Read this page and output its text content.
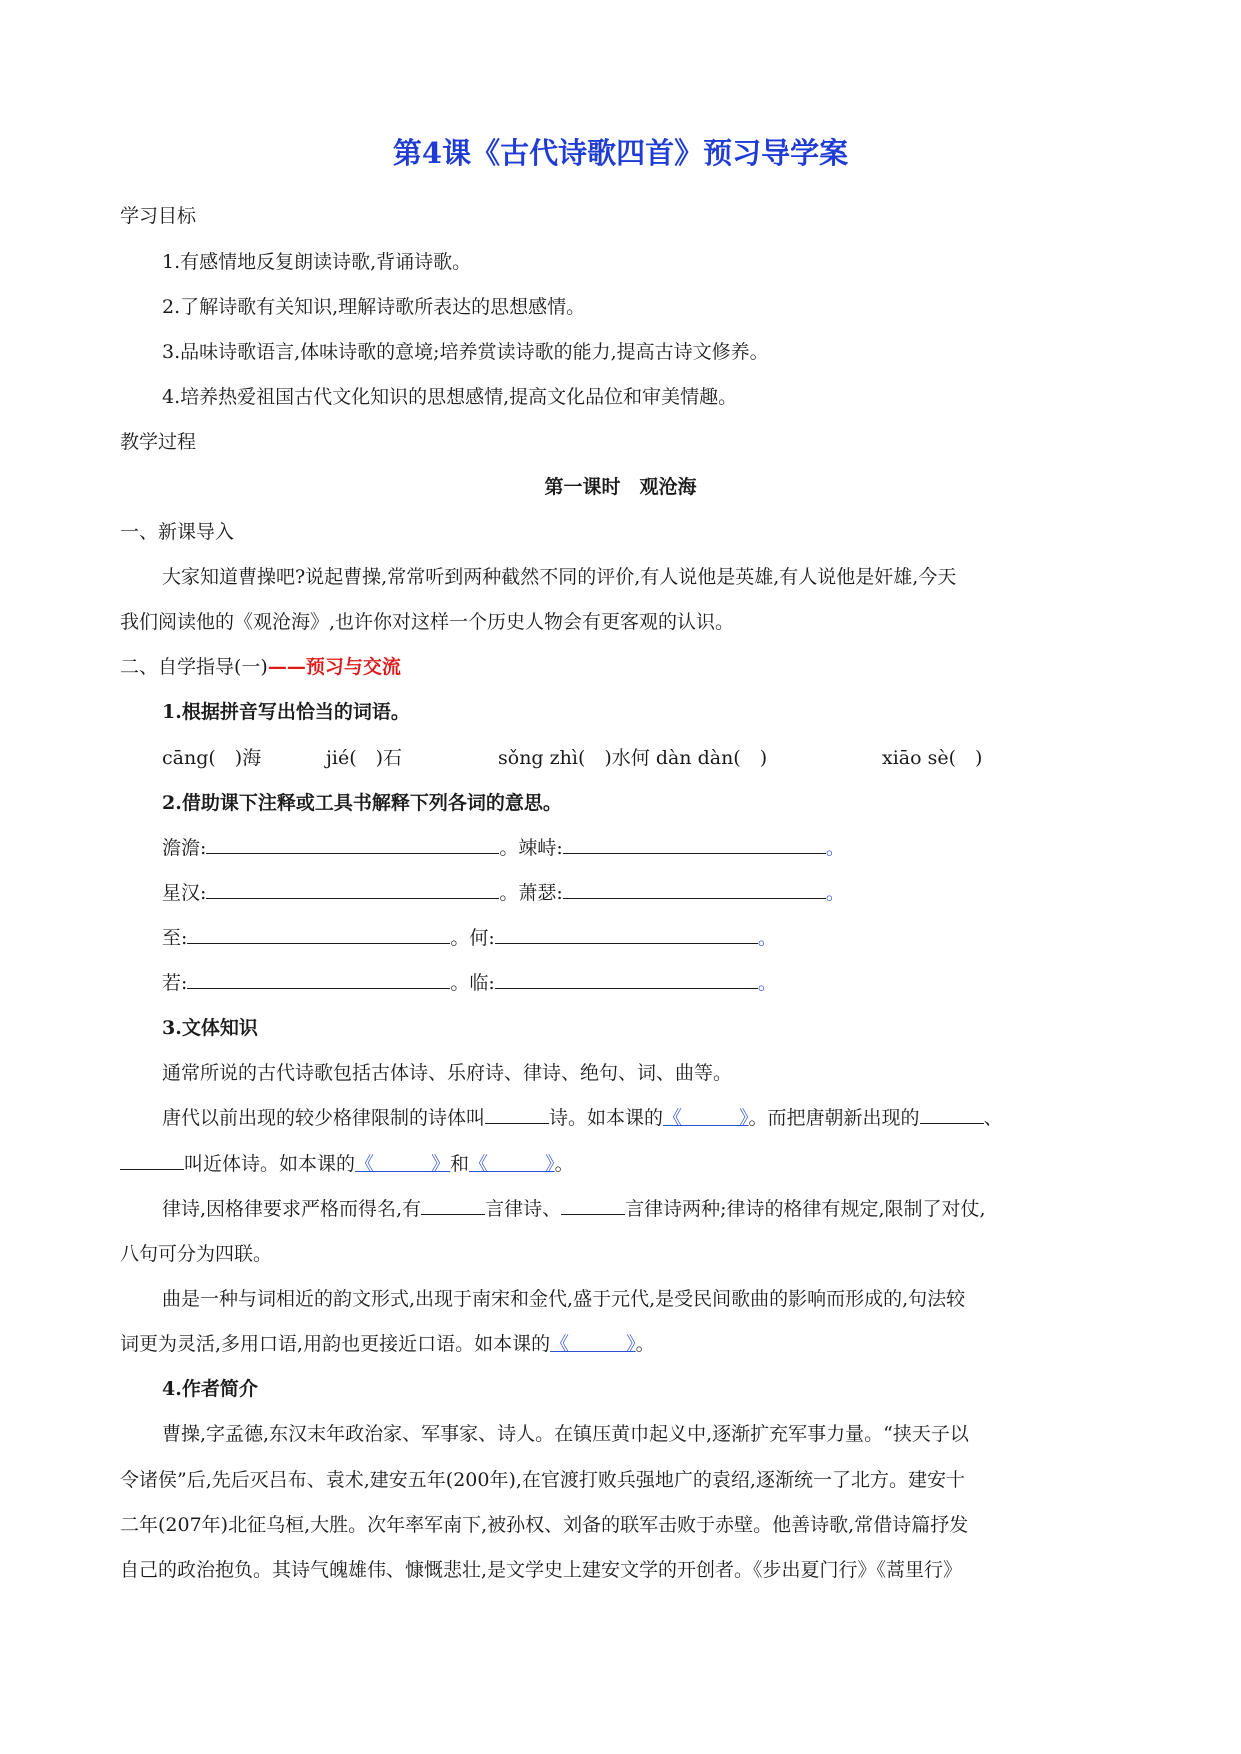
第4课《古代诗歌四首》预习导学案
学习目标
1.有感情地反复朗读诗歌,背诵诗歌。
2.了解诗歌有关知识,理解诗歌所表达的思想感情。
3.品味诗歌语言,体味诗歌的意境;培养赏读诗歌的能力,提高古诗文修养。
4.培养热爱祖国古代文化知识的思想感情,提高文化品位和审美情趣。
教学过程
第一课时　观沧海
一、新课导入
大家知道曹操吧?说起曹操,常常听到两种截然不同的评价,有人说他是英雄,有人说他是奸雄,今天
我们阅读他的《观沧海》,也许你对这样一个历史人物会有更客观的认识。
二、自学指导(一)——预习与交流
1.根据拼音写出恰当的词语。
cāng(　)海	jié(　)石	sǒng zhì(　)水何 dàn dàn(　)	xiāo sè(　)
2.借助课下注释或工具书解释下列各词的意思。
澹澹:	。竦峙:	。
星汉:	。萧瑟:	。
至:	。何:	。
若:	。临:	。
3.文体知识
通常所说的古代诗歌包括古体诗、乐府诗、律诗、绝句、词、曲等。
唐代以前出现的较少格律限制的诗体叫	诗。如本课的《　　　》。而把唐朝新出现的	、
叫近体诗。如本课的《　　　》和《　　　》。
律诗,因格律要求严格而得名,有	言律诗、	言律诗两种;律诗的格律有规定,限制了对仗,
八句可分为四联。
曲是一种与词相近的韵文形式,出现于南宋和金代,盛于元代,是受民间歌曲的影响而形成的,句法较
词更为灵活,多用口语,用韵也更接近口语。如本课的《　　　》。
4.作者简介
曹操,字孟德,东汉末年政治家、军事家、诗人。在镇压黄巾起义中,逐渐扩充军事力量。“挟天子以
令诸侯”后,先后灭吕布、袁术,建安五年(200年),在官渡打败兵强地广的袁绍,逐渐统一了北方。建安十
二年(207年)北征乌桓,大胜。次年率军南下,被孙权、刘备的联军击败于赤壁。他善诗歌,常借诗篇抒发
自己的政治抱负。其诗气魄雄伟、慷慨悲壮,是文学史上建安文学的开创者。《步出夏门行》《蒿里行》
